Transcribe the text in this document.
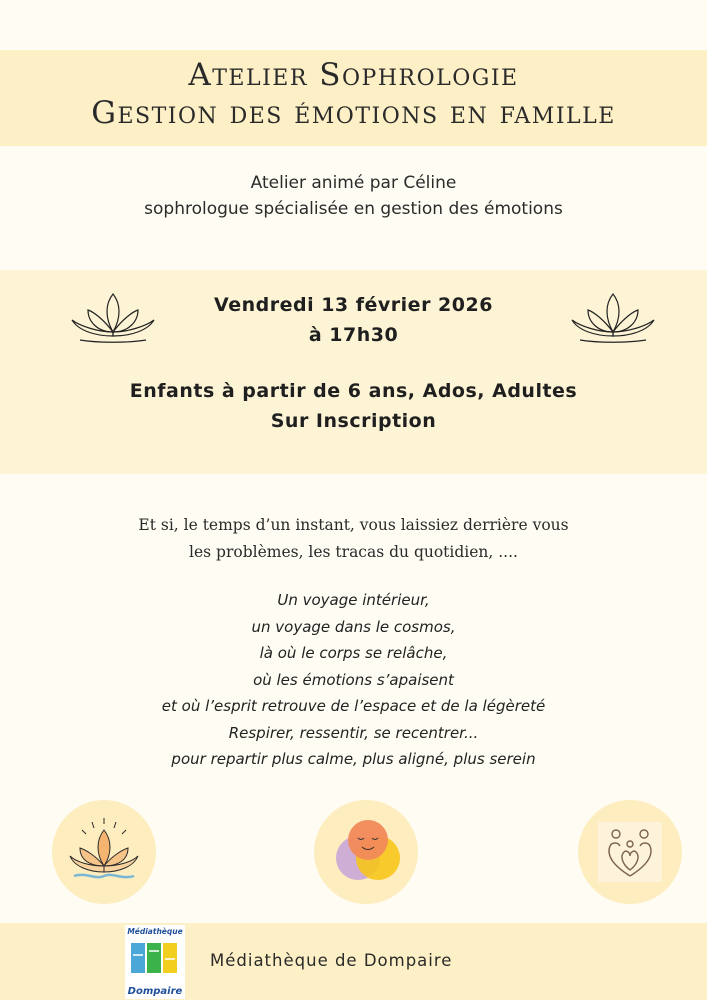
Atelier Sophrologie
Gestion des émotions en famille
Atelier animé par Céline
sophrologue spécialisée en gestion des émotions
Vendredi 13 février 2026
à 17h30
Enfants à partir de 6 ans, Ados, Adultes
Sur Inscription
Et si, le temps d’un instant, vous laissiez derrière vous
les problèmes, les tracas du quotidien, ....
Un voyage intérieur,
un voyage dans le cosmos,
là où le corps se relâche,
où les émotions s’apaisent
et où l’esprit retrouve de l’espace et de la légèreté
Respirer, ressentir, se recentrer...
pour repartir plus calme, plus aligné, plus serein
Médiathèque
Dompaire
Médiathèque de Dompaire
